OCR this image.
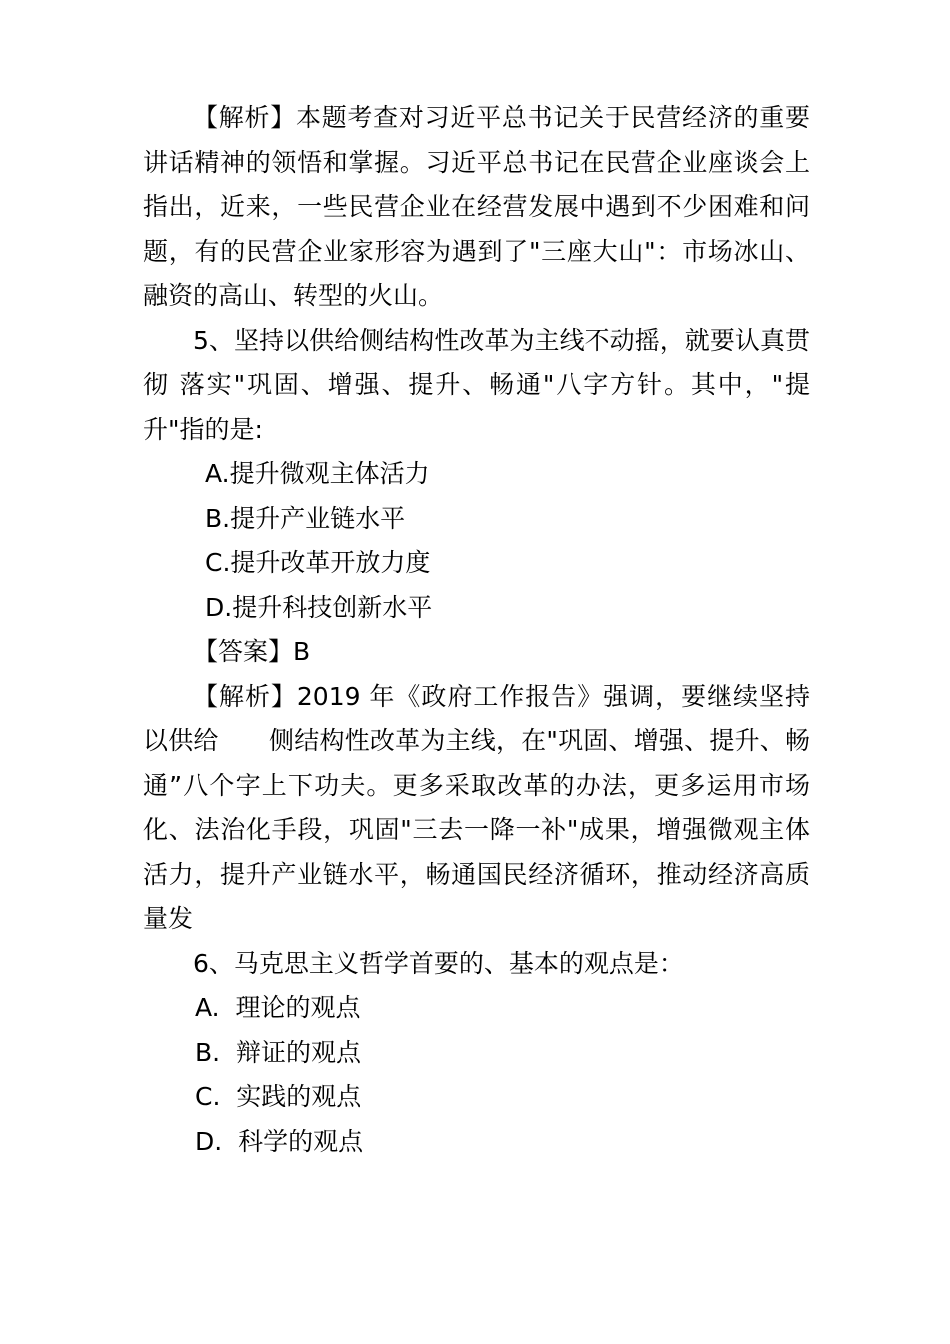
【解析】本题考查对习近平总书记关于民营经济的重要讲话精神的领悟和掌握。习近平总书记在民营企业座谈会上指出，近来，一些民营企业在经营发展中遇到不少困难和问题，有的民营企业家形容为遇到了"三座大山"：市场冰山、融资的高山、转型的火山。

5、坚持以供给侧结构性改革为主线不动摇，就要认真贯彻 落实"巩固、增强、提升、畅通"八字方针。其中，"提升"指的是:

A.提升微观主体活力

B.提升产业链水平

C.提升改革开放力度

D.提升科技创新水平

【答案】B

【解析】2019 年《政府工作报告》强调，要继续坚持以供给　　侧结构性改革为主线，在"巩固、增强、提升、畅通”八个字上下功夫。更多采取改革的办法，更多运用市场化、法治化手段，巩固"三去一降一补"成果，增强微观主体活力，提升产业链水平，畅通国民经济循环，推动经济高质量发

6、马克思主义哲学首要的、基本的观点是：

A.  理论的观点

B.  辩证的观点

C.  实践的观点

D.  科学的观点
